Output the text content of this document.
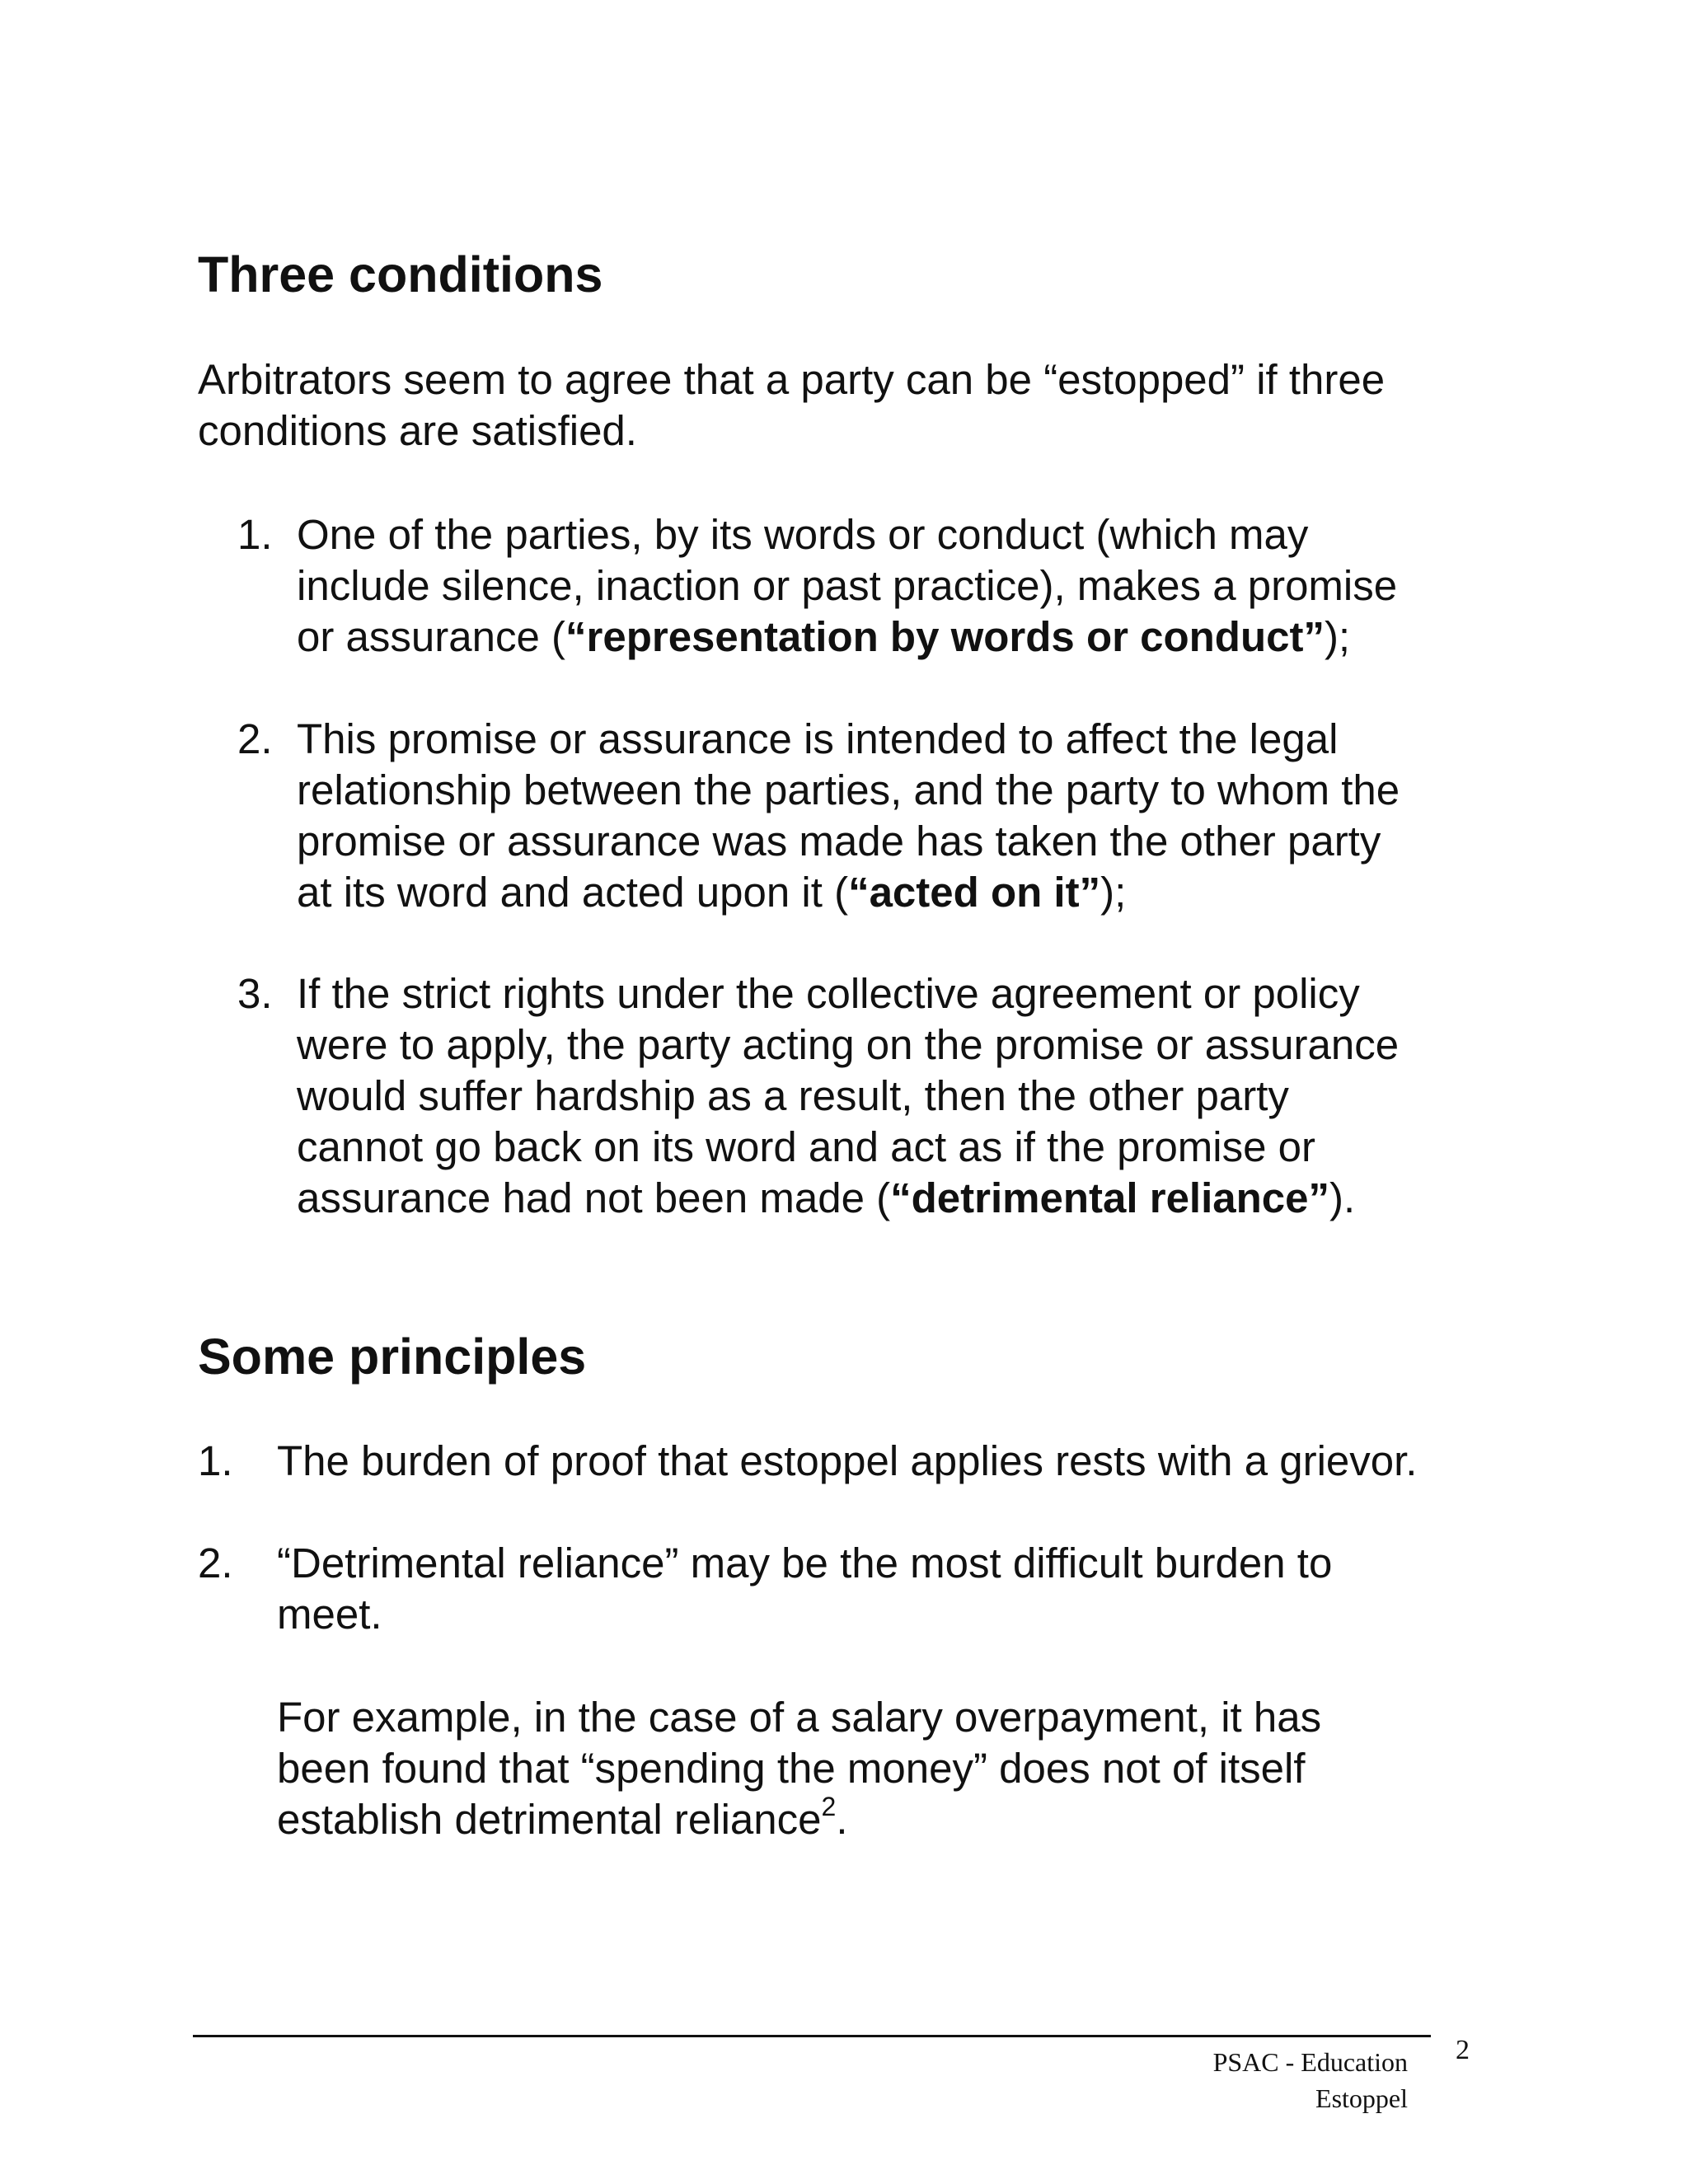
Three conditions

Arbitrators seem to agree that a party can be “estopped” if three
conditions are satisfied.

1. One of the parties, by its words or conduct (which may
include silence, inaction or past practice), makes a promise
or assurance (“representation by words or conduct”);
2. This promise or assurance is intended to affect the legal
relationship between the parties, and the party to whom the
promise or assurance was made has taken the other party
at its word and acted upon it (“acted on it”);
3. If the strict rights under the collective agreement or policy
were to apply, the party acting on the promise or assurance
would suffer hardship as a result, then the other party
cannot go back on its word and act as if the promise or
assurance had not been made (“detrimental reliance”).
Some principles
1. The burden of proof that estoppel applies rests with a grievor.
2. “Detrimental reliance” may be the most difficult burden to
meet.

For example, in the case of a salary overpayment, it has
been found that “spending the money” does not of itself
establish detrimental reliance$^2$.

PSAC - Education
Estoppel
2
